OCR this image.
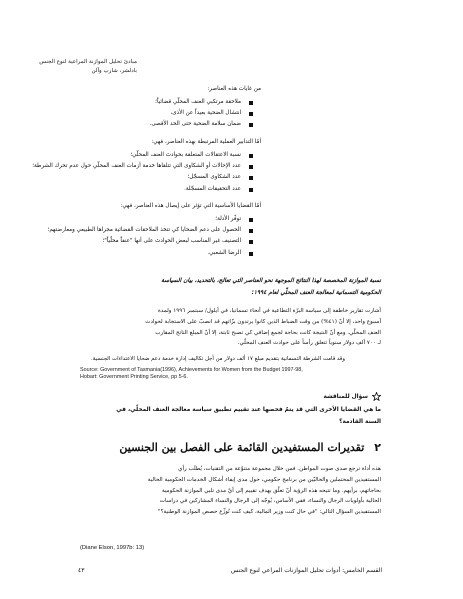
مبادئ تحليل الموازنة المراعية لنوع الجنس
بادلشر، شارپ وآلن
من غايات هذه العناصر:
ملاحقة مرتكبي العنف المحلّي قضائياً؛
انتشال الضحية بعيداً عن الأذى،
ضمان سلامة الضحية حتى الحد الأقصى.
أمّا التدابير العملية المرتبطة بهذه العناصر، فهي:
نسبة الاعتقالات المتعلقة بحوادث العنف المحلّي؛
عدد الإحالات أو الشكاوى التي تتلقاها خدمة أزمات العنف المحلّي حول عدم تحرك الشرطة؛
عدد الشكاوى المسجّل؛
عدد التحقيقات المسجّلة.
أمّا القضايا الأساسية التي تؤثر على إيصال هذه العناصر، فهي:
توفّر الأدلة؛
الحصول على دعم الضحايا كي تتخذ الملاحقات القضائية مجراها الطبيعي ومعارضتهم؛
التصنيف غير المناسب لبعض الحوادث على أنها "عنفاً محلّياً"؛
الرضا الشعبي.
نسبة الموازنة المخصصة لهذا النتائج الموجهة نحو العناصر التي تعالج، بالتحديد، بيان السياسة
الحكومية التسمانية لمعالجة العنف المحلّي لعام ١٩٩٤:
أشارت تقارير خاطفة إلى سياسة البرّة التطاعية في أنحاء تسمانيا، في أيلول/ سبتمبر ١٩٩٦ ولمدة
أسبوع واحد، إلا أنّ (٤١%) من وقت الضباط الذين كانوا يرتدون بزّاتهم قد انصبّ على الاستجابة لحوادث
العنف المحلّي. ومع أنّ النتيجة كانت بحاجة لجمع إضافي كي تصبح ثابتة، إلا أنّ المبلغ الناتج المقارب
لـ ٧٠٠ ألف دولار سنوياً تتعلق رأساً على حوادث العنف المحلّي.
وقد قامت الشرطة التسمانية بتقديم مبلغ ١٧ ألف دولار من أجل تكاليف إدارة خدمة دعم ضحايا الاعتداءات الجنسية.
Source: Government of Tasmania(1996), Achievements for Women from the Budget 1997-98,
Hobart: Government Printing Service, pp 5-6.
سؤال للمناقشة
ما هي القضايا الأخرى التي قد يتمّ فحصها عند تقييم تطبيق سياسة معالجة العنف المحلّي، في
السنة القادمة؟
٢
تقديرات المستفيدين القائمة على الفصل بين الجنسين
هذه أداة ترجع صدى صوت المواطن. فمن خلال مجموعة متنوّعة من التقنيات، يُطلَب رأي
المستفيدين المحتملين والحاليّين من برنامج حكومي، حول مدى إيفاء أشكال الخدمات الحكومية الحالية
بحاجاتهم، برأيهم. وما تتيحه هذه الرؤية أنّ تعلّق بهدف تقييم إلى أيّ مدى تلبي الموازنة الحكومية
الحالية بأولويات الرجال والنساء، ففي الأساس، يُوجّه إلى الرجال والنساء المشاركين في دراسات
المستفيدين السؤال التالي: "في حال كنت وزير المالية، كيف كنت تُوزِّع حصص الموازنة الوطنية؟"
(Diane Elson, 1997b: 13)
٤٣	القسم الخامس: أدوات تحليل الموازنات المراعي لنوع الجنس
